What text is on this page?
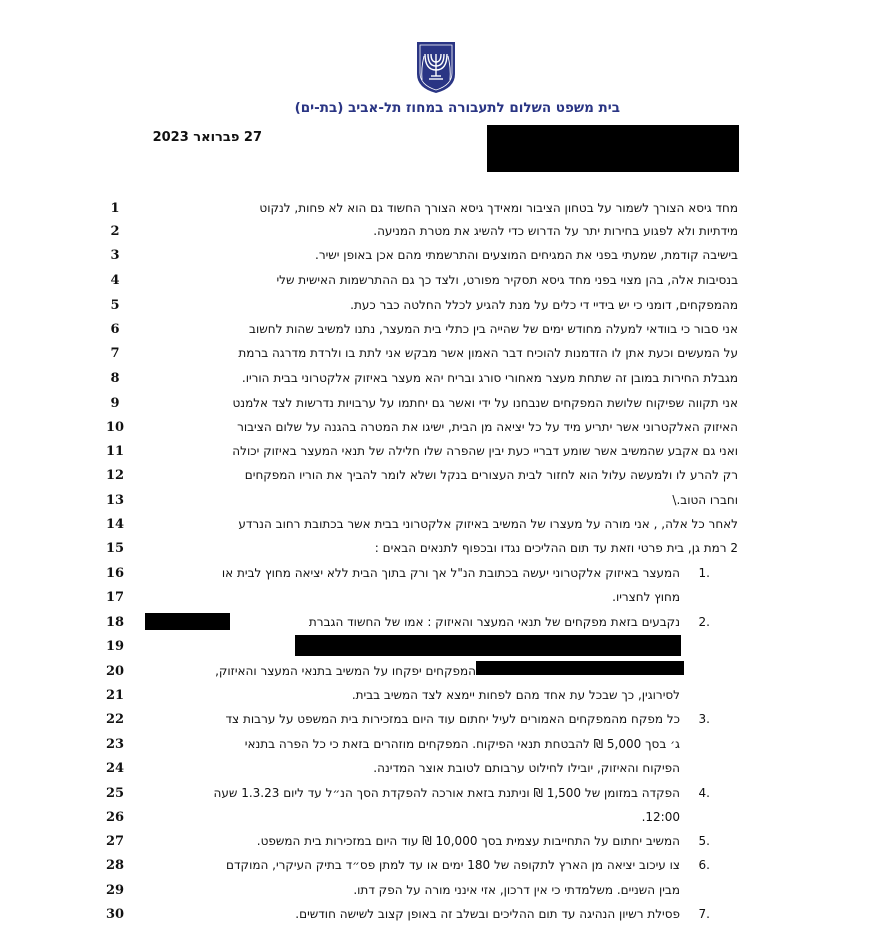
בית משפט השלום לתעבורה במחוז תל-אביב (בת-ים)
27 פברואר 2023
1
2
3
4
5
6
7
8
9
10
11
12
13
14
15
16
17
18
19
20
21
22
23
24
25
26
27
28
29
30
מחד גיסא הצורך לשמור על בטחון הציבור ומאידך גיסא הצורך החשוד גם הוא לא פחות, לנקוט
מידתיות ולא לפגוע בחירות יתר על הדרוש כדי להשיג את מטרת המניעה.
בישיבה קודמת, שמעתי בפני את המגיחים המוצעים והתרשמתי מהם אכן באופן ישיר.
בנסיבות אלה, בהן מצוי בפני מחד גיסא תסקיר מפורט, ולצד כך גם ההתרשמות האישית שלי
מהמפקחים, דומני כי יש בידיי די כלים על מנת להגיע לכלל החלטה כבר כעת.
אני סבור כי בוודאי למעלה מחודש ימים של שהייה בין כתלי בית המעצר, נתנו למשיב שהות לחשוב
על המעשים וכעת אתן לו הזדמנות להוכיח דבר האמון אשר מבקש אני לתת בו ולרדת מדרגה ברמת
מגבלת החירות במובן זה שתחת מעצר מאחורי סורג ובריח יהא מעצר באיזוק אלקטרוני בבית הוריו.
אני תקווה שפיקוח שלושת המפקחים שנבחנו על ידי ואשר גם יחתמו על ערבויות נדרשות לצד אלמנט
האיזוק האלקטרוני אשר יתריע מיד על כל יציאה מן הבית, ישיגו את המטרה בהגנה על שלום הציבור
ואני גם אקבע שהמשיב אשר שומע דבריי כעת יבין שהפרה שלו חלילה של תנאי המעצר באיזוק יכולה
רק להרע לו ולמעשה עלול הוא לחזור לבית העצורים בנקל ושלא לומר להביך את הוריו המפקחים
וחברו הטוב.\
לאחר כל אלה, , אני מורה על מעצרו של המשיב באיזוק אלקטרוני בבית אשר בכתובת רחוב הנרדע
2 רמת גן, בית פרטי וזאת עד תום ההליכים נגדו ובכפוף לתנאים הבאים :
1.
המעצר באיזוק אלקטרוני יעשה בכתובת הנ"ל אך ורק בתוך הבית ללא יציאה מחוץ לבית או
מחוץ לחצריו.
2.
נקבעים בזאת מפקחים של תנאי המעצר והאיזוק : אמו של החשוד הגברת
המפקחים יפקחו על המשיב בתנאי המעצר והאיזוק,
לסירוגין, כך שבכל עת אחד מהם לפחות יימצא לצד המשיב בבית.
3.
כל מפקח מהמפקחים האמורים לעיל יחתום עוד היום במזכירות בית המשפט על ערבות צד
ג׳ בסך 5,000 ₪ להבטחת תנאי הפיקוח. המפקחים מוזהרים בזאת כי כל הפרה בתנאי
הפיקוח והאיזוק, יובילו לחילוט ערבותם לטובת אוצר המדינה.
4.
הפקדה במזומן של 1,500 ₪ וניתנת בזאת אורכה להפקדת הסך הנ״ל עד ליום 1.3.23 שעה
12:00.
5.
המשיב יחתום על התחייבות עצמית בסך 10,000 ₪ עוד היום במזכירות בית המשפט.
6.
צו עיכוב יציאה מן הארץ לתקופה של 180 ימים או עד למתן פס״ד בתיק העיקרי, המוקדם
מבין השניים. משלמדתי כי אין דרכון, אזי אינני מורה על הפק דתו.
7.
פסילת רשיון הנהיגה עד תום ההליכים ובשלב זה באופן קצוב לשישה חודשים.
